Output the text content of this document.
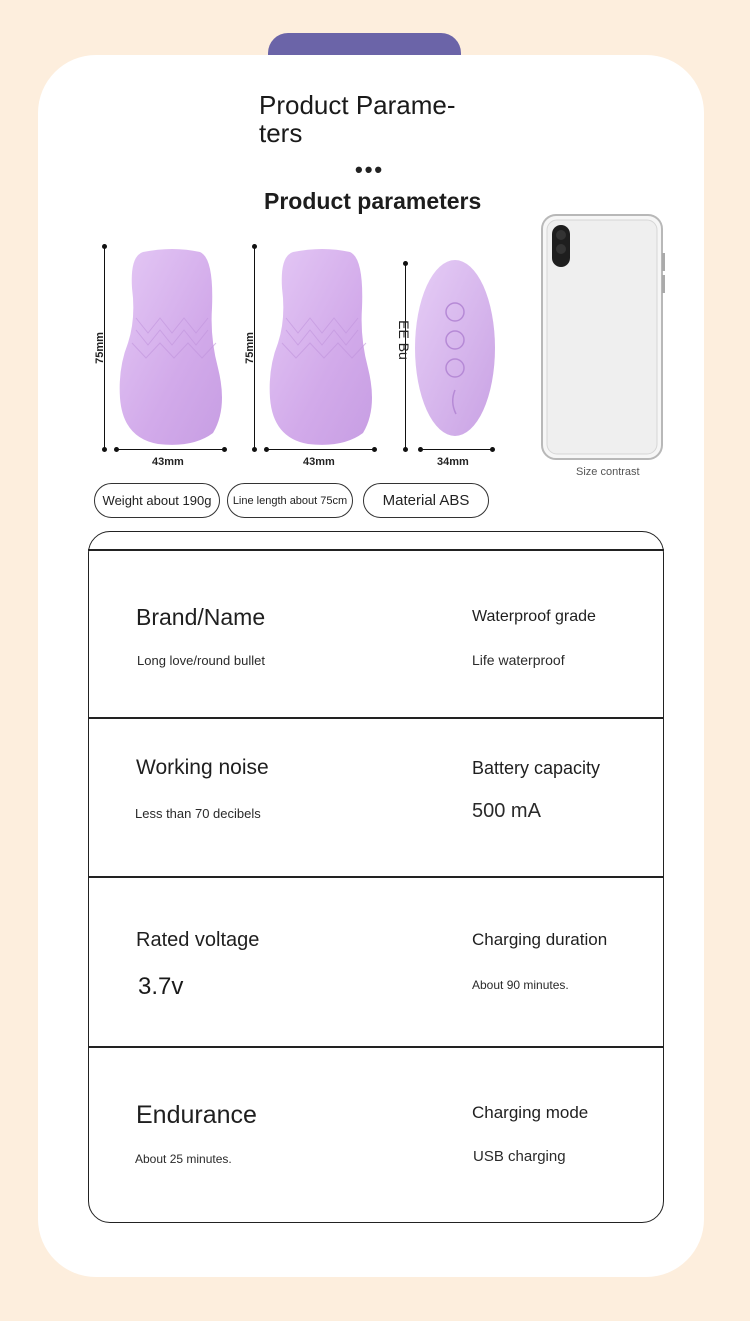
Product Parame-
ters
•••
Product parameters
75mm
43mm
75mm
43mm
EE Bu
34mm
Size contrast
Weight about 190g	Line length about 75cm	Material ABS
Brand/Name
Long love/round bullet
Waterproof grade
Life waterproof
Working noise
Less than 70 decibels
Battery capacity
500 mA
Rated voltage
3.7v
Charging duration
About 90 minutes.
Endurance
About 25 minutes.
Charging mode
USB charging
